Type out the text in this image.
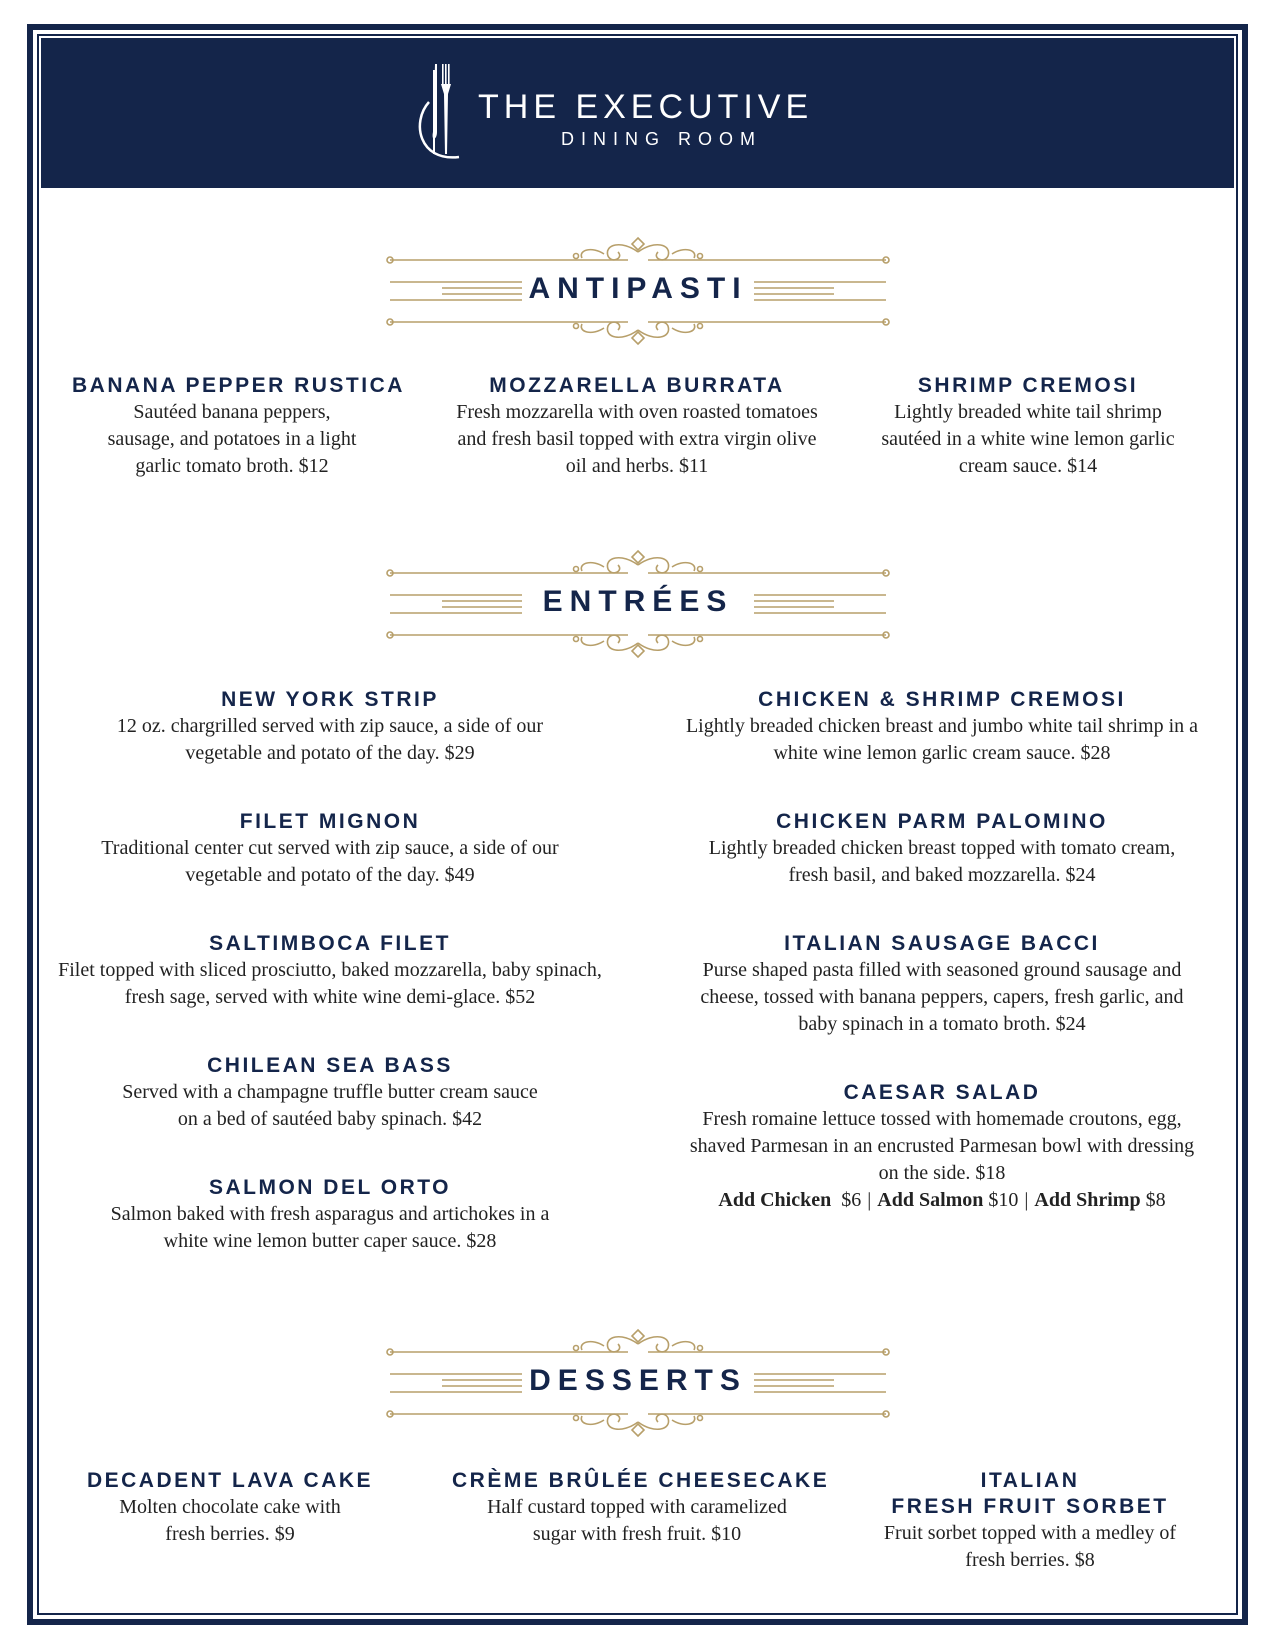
THE EXECUTIVE
DINING ROOM
ANTIPASTI
BANANA PEPPER RUSTICA
Sautéed banana peppers, sausage, and potatoes in a light garlic tomato broth. $12
MOZZARELLA BURRATA
Fresh mozzarella with oven roasted tomatoes and fresh basil topped with extra virgin olive oil and herbs. $11
SHRIMP CREMOSI
Lightly breaded white tail shrimp sautéed in a white wine lemon garlic cream sauce. $14
ENTRÉES
NEW YORK STRIP
12 oz. chargrilled served with zip sauce, a side of our vegetable and potato of the day. $29
FILET MIGNON
Traditional center cut served with zip sauce, a side of our vegetable and potato of the day. $49
SALTIMBOCA FILET
Filet topped with sliced prosciutto, baked mozzarella, baby spinach, fresh sage, served with white wine demi-glace. $52
CHILEAN SEA BASS
Served with a champagne truffle butter cream sauce on a bed of sautéed baby spinach. $42
SALMON DEL ORTO
Salmon baked with fresh asparagus and artichokes in a white wine lemon butter caper sauce. $28
CHICKEN & SHRIMP CREMOSI
Lightly breaded chicken breast and jumbo white tail shrimp in a white wine lemon garlic cream sauce. $28
CHICKEN PARM PALOMINO
Lightly breaded chicken breast topped with tomato cream, fresh basil, and baked mozzarella. $24
ITALIAN SAUSAGE BACCI
Purse shaped pasta filled with seasoned ground sausage and cheese, tossed with banana peppers, capers, fresh garlic, and baby spinach in a tomato broth. $24
CAESAR SALAD
Fresh romaine lettuce tossed with homemade croutons, egg, shaved Parmesan in an encrusted Parmesan bowl with dressing on the side. $18
Add Chicken $6 | Add Salmon $10 | Add Shrimp $8
DESSERTS
DECADENT LAVA CAKE
Molten chocolate cake with fresh berries. $9
CRÈME BRÛLÉE CHEESECAKE
Half custard topped with caramelized sugar with fresh fruit. $10
ITALIAN
FRESH FRUIT SORBET
Fruit sorbet topped with a medley of fresh berries. $8
